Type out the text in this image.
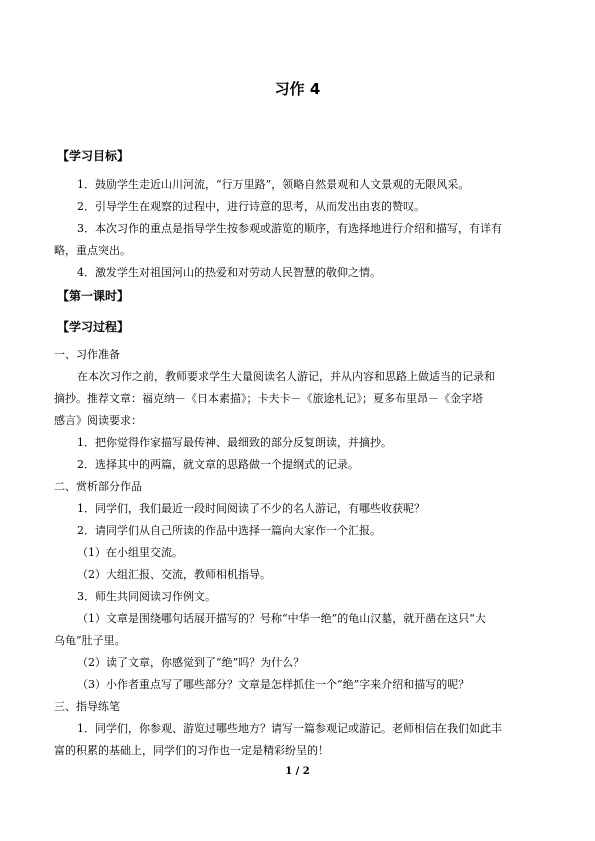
习作 4
【学习目标】
1．鼓励学生走近山川河流，“行万里路”，领略自然景观和人文景观的无限风采。
2．引导学生在观察的过程中，进行诗意的思考，从而发出由衷的赞叹。
3．本次习作的重点是指导学生按参观或游览的顺序，有选择地进行介绍和描写，有详有
略，重点突出。
4．激发学生对祖国河山的热爱和对劳动人民智慧的敬仰之情。
【第一课时】
【学习过程】
一、习作准备
在本次习作之前，教师要求学生大量阅读名人游记，并从内容和思路上做适当的记录和
摘抄。推荐文章：福克纳－《日本素描》；卡夫卡－《旅途札记》；夏多布里昂－《金字塔
感言》阅读要求：
1．把你觉得作家描写最传神、最细致的部分反复朗读，并摘抄。
2．选择其中的两篇，就文章的思路做一个提纲式的记录。
二、赏析部分作品
1．同学们，我们最近一段时间阅读了不少的名人游记，有哪些收获呢？
2．请同学们从自己所读的作品中选择一篇向大家作一个汇报。
（1）在小组里交流。
（2）大组汇报、交流，教师相机指导。
3．师生共同阅读习作例文。
（1）文章是围绕哪句话展开描写的？号称“中华一绝”的龟山汉墓，就开凿在这只“大
乌龟”肚子里。
（2）读了文章，你感觉到了“绝”吗？为什么？
（3）小作者重点写了哪些部分？文章是怎样抓住一个“绝”字来介绍和描写的呢？
三、指导练笔
1．同学们，你参观、游览过哪些地方？请写一篇参观记或游记。老师相信在我们如此丰
富的积累的基础上，同学们的习作也一定是精彩纷呈的！
1 / 2
